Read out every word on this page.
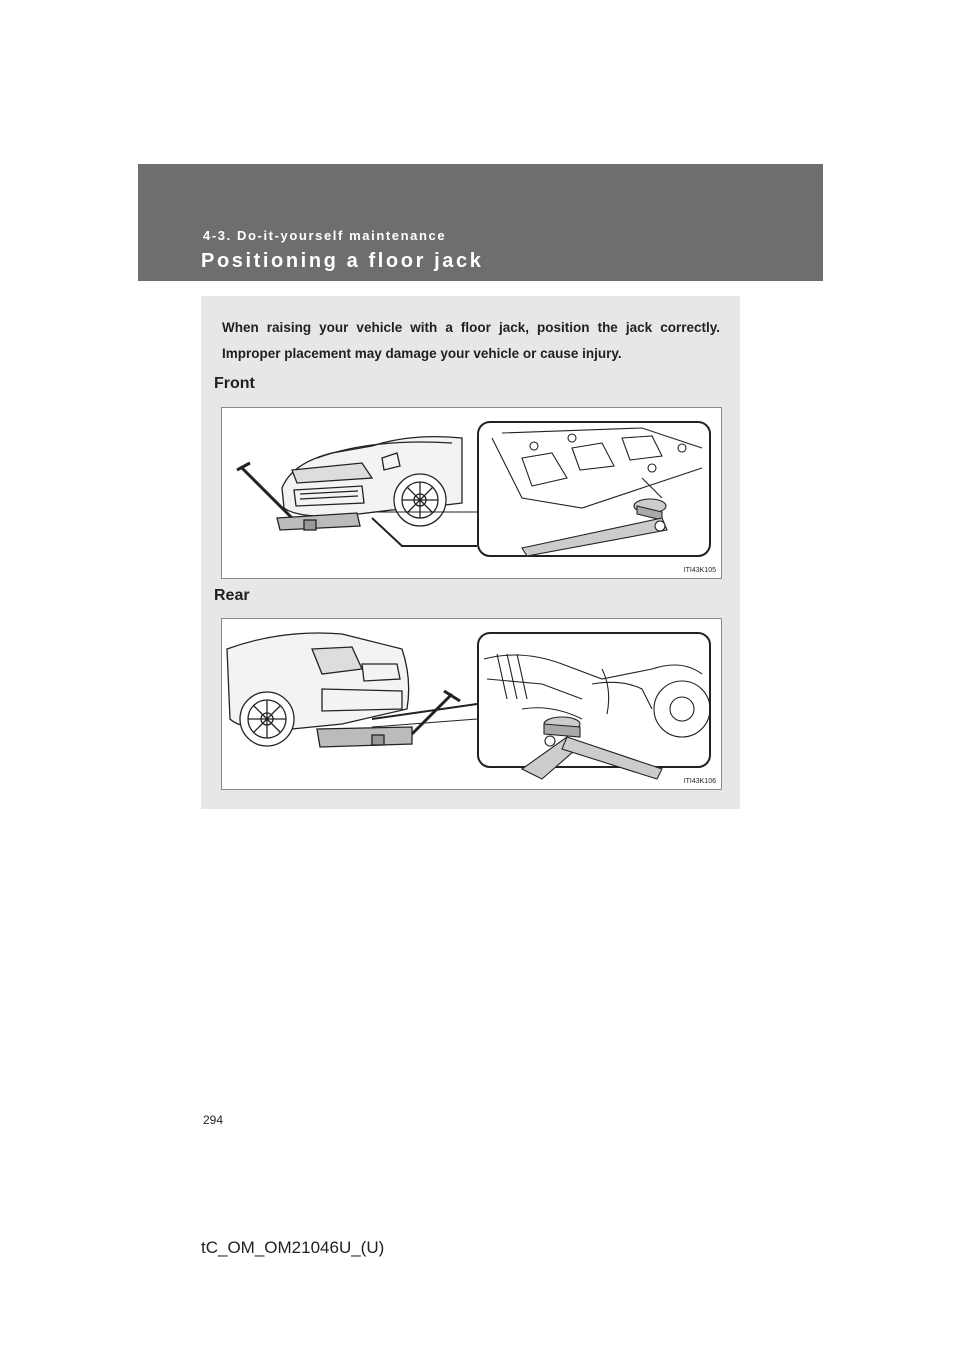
4-3. Do-it-yourself maintenance
Positioning a floor jack

When raising your vehicle with a floor jack, position the jack correctly. Improper placement may damage your vehicle or cause injury.

Front
ITI43K105
Rear
ITI43K106
294
tC_OM_OM21046U_(U)
